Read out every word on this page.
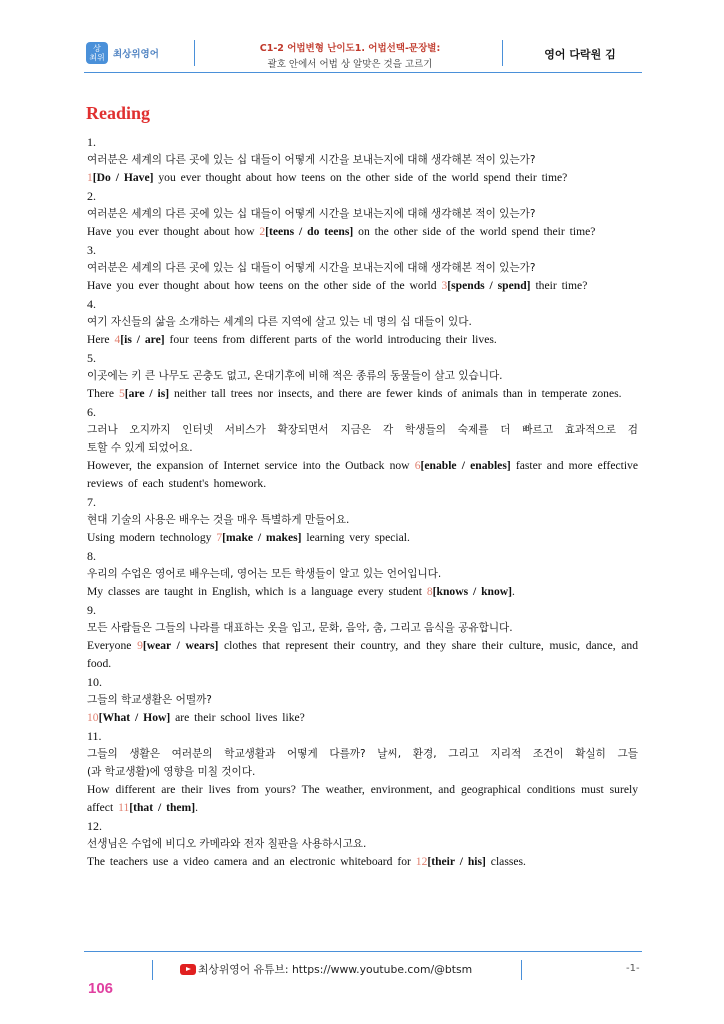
상
최위 최상위영어
C1-2 어법변형 난이도1. 어법선택-문장별:
괄호 안에서 어법 상 알맞은 것을 고르기
영어 다락원 김
Reading
1.
여러분은 세계의 다른 곳에 있는 십 대들이 어떻게 시간을 보내는지에 대해 생각해본 적이 있는가?
1[Do / Have] you ever thought about how teens on the other side of the world spend their time?
2.
여러분은 세계의 다른 곳에 있는 십 대들이 어떻게 시간을 보내는지에 대해 생각해본 적이 있는가?
Have you ever thought about how 2[teens / do teens] on the other side of the world spend their time?
3.
여러분은 세계의 다른 곳에 있는 십 대들이 어떻게 시간을 보내는지에 대해 생각해본 적이 있는가?
Have you ever thought about how teens on the other side of the world 3[spends / spend] their time?
4.
여기 자신들의 삶을 소개하는 세계의 다른 지역에 살고 있는 네 명의 십 대들이 있다.
Here 4[is / are] four teens from different parts of the world introducing their lives.
5.
이곳에는 키 큰 나무도 곤충도 없고, 온대기후에 비해 적은 종류의 동물들이 살고 있습니다.
There 5[are / is] neither tall trees nor insects, and there are fewer kinds of animals than in temperate zones.
6.
그러나 오지까지 인터넷 서비스가 확장되면서 지금은 각 학생들의 숙제를 더 빠르고 효과적으로 검
토할 수 있게 되었어요.
However, the expansion of Internet service into the Outback now 6[enable / enables] faster and more effective reviews of each student's homework.
7.
현대 기술의 사용은 배우는 것을 매우 특별하게 만들어요.
Using modern technology 7[make / makes] learning very special.
8.
우리의 수업은 영어로 배우는데, 영어는 모든 학생들이 알고 있는 언어입니다.
My classes are taught in English, which is a language every student 8[knows / know].
9.
모든 사람들은 그들의 나라를 대표하는 옷을 입고, 문화, 음악, 춤, 그리고 음식을 공유합니다.
Everyone 9[wear / wears] clothes that represent their country, and they share their culture, music, dance, and food.
10.
그들의 학교생활은 어떨까?
10[What / How] are their school lives like?
11.
그들의 생활은 여러분의 학교생활과 어떻게 다를까? 날씨, 환경, 그리고 지리적 조건이 확실히 그들
(과 학교생활)에 영향을 미칠 것이다.
How different are their lives from yours? The weather, environment, and geographical conditions must surely affect 11[that / them].
12.
선생님은 수업에 비디오 카메라와 전자 칠판을 사용하시고요.
The teachers use a video camera and an electronic whiteboard for 12[their / his] classes.
최상위영어 유튜브: https://www.youtube.com/@btsm	-1-
106
